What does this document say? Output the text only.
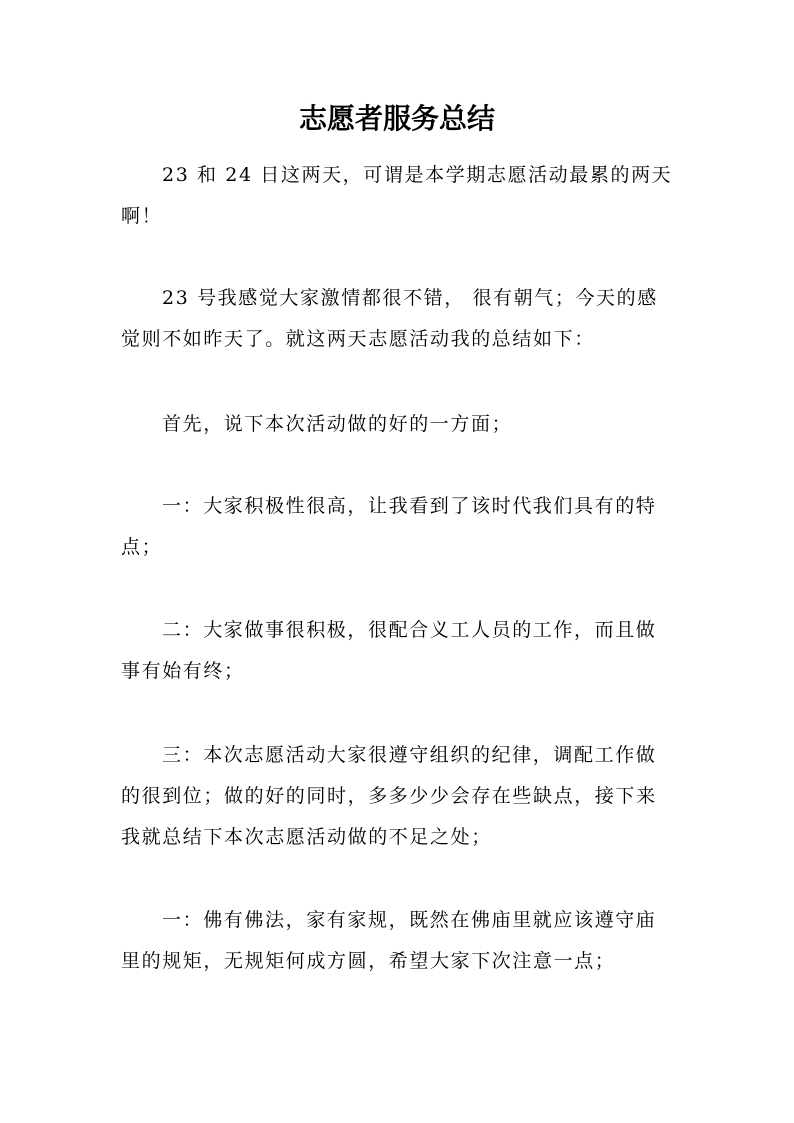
志愿者服务总结

23 和 24 日这两天，可谓是本学期志愿活动最累的两天啊！

23 号我感觉大家激情都很不错， 很有朝气；今天的感觉则不如昨天了。就这两天志愿活动我的总结如下：

首先，说下本次活动做的好的一方面；

一：大家积极性很高，让我看到了该时代我们具有的特点；

二：大家做事很积极，很配合义工人员的工作，而且做事有始有终；

三：本次志愿活动大家很遵守组织的纪律，调配工作做的很到位；做的好的同时，多多少少会存在些缺点，接下来我就总结下本次志愿活动做的不足之处；

一：佛有佛法，家有家规，既然在佛庙里就应该遵守庙里的规矩，无规矩何成方圆，希望大家下次注意一点；
